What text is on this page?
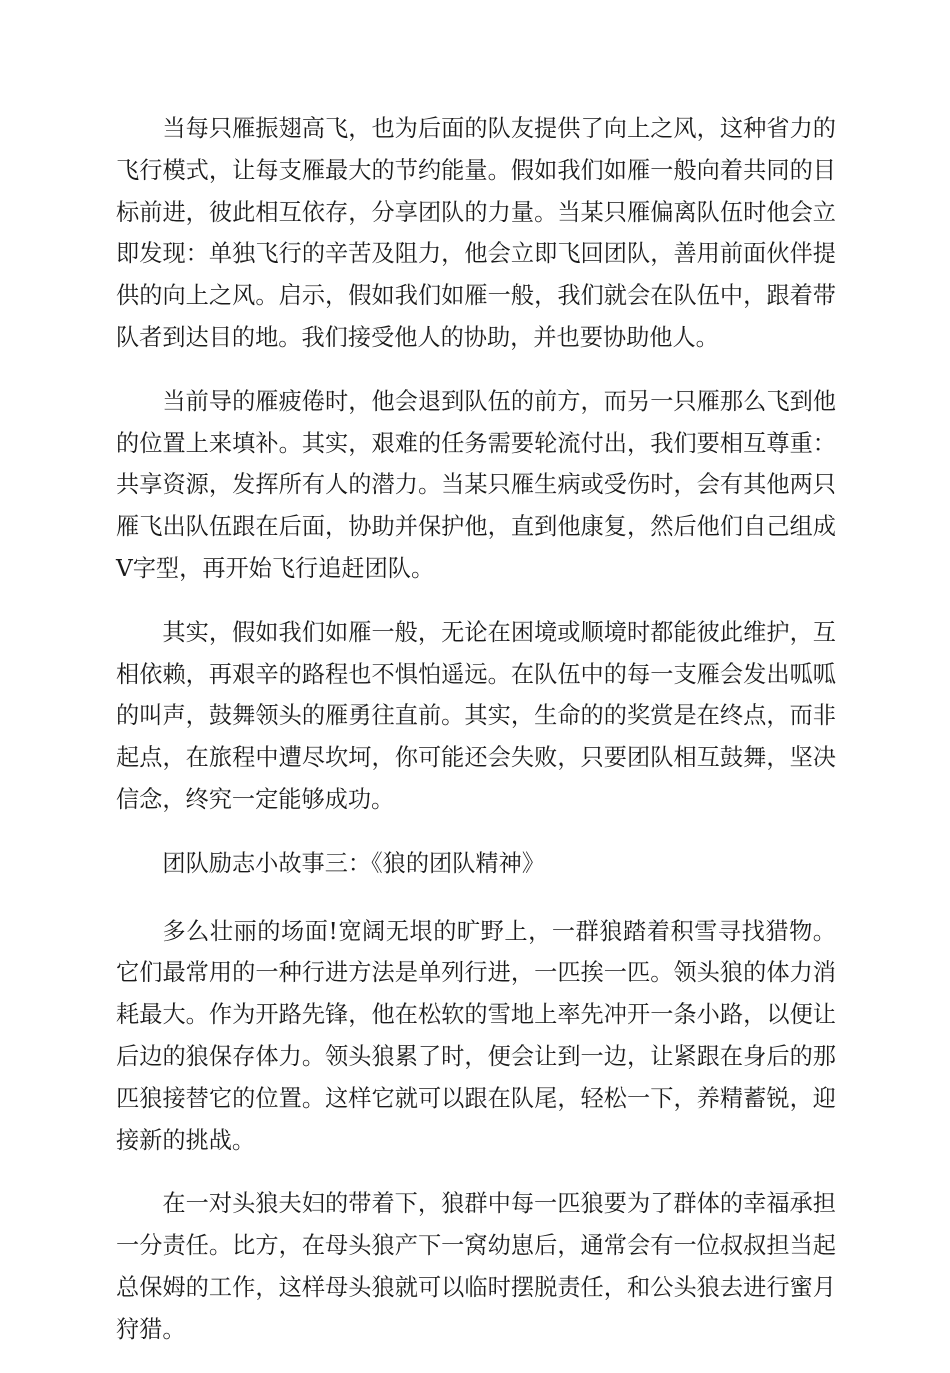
当每只雁振翅高飞，也为后面的队友提供了向上之风，这种省力的飞行模式，让每支雁最大的节约能量。假如我们如雁一般向着共同的目标前进，彼此相互依存，分享团队的力量。当某只雁偏离队伍时他会立即发现：单独飞行的辛苦及阻力，他会立即飞回团队，善用前面伙伴提供的向上之风。启示，假如我们如雁一般，我们就会在队伍中，跟着带队者到达目的地。我们接受他人的协助，并也要协助他人。

当前导的雁疲倦时，他会退到队伍的前方，而另一只雁那么飞到他的位置上来填补。其实，艰难的任务需要轮流付出，我们要相互尊重：共享资源，发挥所有人的潜力。当某只雁生病或受伤时，会有其他两只雁飞出队伍跟在后面，协助并保护他，直到他康复，然后他们自己组成Ⅴ字型，再开始飞行追赶团队。

其实，假如我们如雁一般，无论在困境或顺境时都能彼此维护，互相依赖，再艰辛的路程也不惧怕遥远。在队伍中的每一支雁会发出呱呱的叫声，鼓舞领头的雁勇往直前。其实，生命的的奖赏是在终点，而非起点，在旅程中遭尽坎坷，你可能还会失败，只要团队相互鼓舞，坚决信念，终究一定能够成功。

团队励志小故事三：《狼的团队精神》

多么壮丽的场面!宽阔无垠的旷野上，一群狼踏着积雪寻找猎物。它们最常用的一种行进方法是单列行进，一匹挨一匹。领头狼的体力消耗最大。作为开路先锋，他在松软的雪地上率先冲开一条小路，以便让后边的狼保存体力。领头狼累了时，便会让到一边，让紧跟在身后的那匹狼接替它的位置。这样它就可以跟在队尾，轻松一下，养精蓄锐，迎接新的挑战。

在一对头狼夫妇的带着下，狼群中每一匹狼要为了群体的幸福承担一分责任。比方，在母头狼产下一窝幼崽后，通常会有一位叔叔担当起总保姆的工作，这样母头狼就可以临时摆脱责任，和公头狼去进行蜜月狩猎。
